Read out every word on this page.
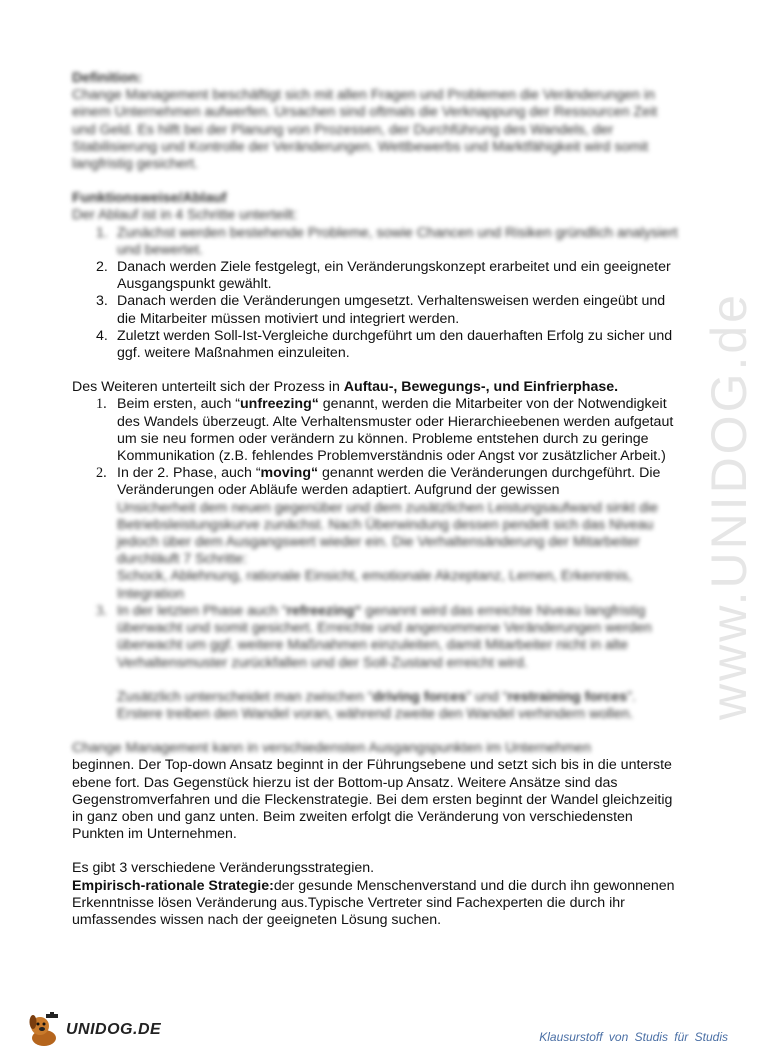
www.UNIDOG.de

Definition:

Change Management beschäftigt sich mit allen Fragen und Problemen die Veränderungen in einem Unternehmen aufwerfen. Ursachen sind oftmals die Verknappung der Ressourcen Zeit und Geld. Es hilft bei der Planung von Prozessen, der Durchführung des Wandels, der Stabilisierung und Kontrolle der Veränderungen. Wettbewerbs und Marktfähigkeit wird somit langfristig gesichert.

Funktionsweise/Ablauf

Der Ablauf ist in 4 Schritte unterteilt:

1. Zunächst werden bestehende Probleme, sowie Chancen und Risiken gründlich analysiert und bewertet.
2. Danach werden Ziele festgelegt, ein Veränderungskonzept erarbeitet und ein geeigneter Ausgangspunkt gewählt.
3. Danach werden die Veränderungen umgesetzt. Verhaltensweisen werden eingeübt und die Mitarbeiter müssen motiviert und integriert werden.
4. Zuletzt werden Soll-Ist-Vergleiche durchgeführt um den dauerhaften Erfolg zu sicher und ggf. weitere Maßnahmen einzuleiten.

Des Weiteren unterteilt sich der Prozess in Auftau-, Bewegungs-, und Einfrierphase.

1. Beim ersten, auch “unfreezing“ genannt, werden die Mitarbeiter von der Notwendigkeit des Wandels überzeugt. Alte Verhaltensmuster oder Hierarchieebenen werden aufgetaut um sie neu formen oder verändern zu können. Probleme entstehen durch zu geringe Kommunikation (z.B. fehlendes Problemverständnis oder Angst vor zusätzlicher Arbeit.)
2. In der 2. Phase, auch “moving“ genannt werden die Veränderungen durchgeführt. Die Veränderungen oder Abläufe werden adaptiert. Aufgrund der gewissen
Unsicherheit dem neuen gegenüber und dem zusätzlichen Leistungsaufwand sinkt die Betriebsleistungskurve zunächst. Nach Überwindung dessen pendelt sich das Niveau jedoch über dem Ausgangswert wieder ein. Die Verhaltensänderung der Mitarbeiter durchläuft 7 Schritte:
Schock, Ablehnung, rationale Einsicht, emotionale Akzeptanz, Lernen, Erkenntnis, Integration
3. In der letzten Phase auch “refreezing“ genannt wird das erreichte Niveau langfristig überwacht und somit gesichert. Erreichte und angenommene Veränderungen werden überwacht um ggf. weitere Maßnahmen einzuleiten, damit Mitarbeiter nicht in alte Verhaltensmuster zurückfallen und der Soll-Zustand erreicht wird.
Zusätzlich unterscheidet man zwischen “driving forces” und “restraining forces”. Erstere treiben den Wandel voran, während zweite den Wandel verhindern wollen.

Change Management kann in verschiedensten Ausgangspunkten im Unternehmen

beginnen. Der Top-down Ansatz beginnt in der Führungsebene und setzt sich bis in die unterste ebene fort. Das Gegenstück hierzu ist der Bottom-up Ansatz. Weitere Ansätze sind das Gegenstromverfahren und die Fleckenstrategie. Bei dem ersten beginnt der Wandel gleichzeitig in ganz oben und ganz unten. Beim zweiten erfolgt die Veränderung von verschiedensten Punkten im Unternehmen.

Es gibt 3 verschiedene Veränderungsstrategien.

Empirisch-rationale Strategie:der gesunde Menschenverstand und die durch ihn gewonnenen Erkenntnisse lösen Veränderung aus.Typische Vertreter sind Fachexperten die durch ihr umfassendes wissen nach der geeigneten Lösung suchen.

UNIDOG.DE	Klausurstoff von Studis für Studis
